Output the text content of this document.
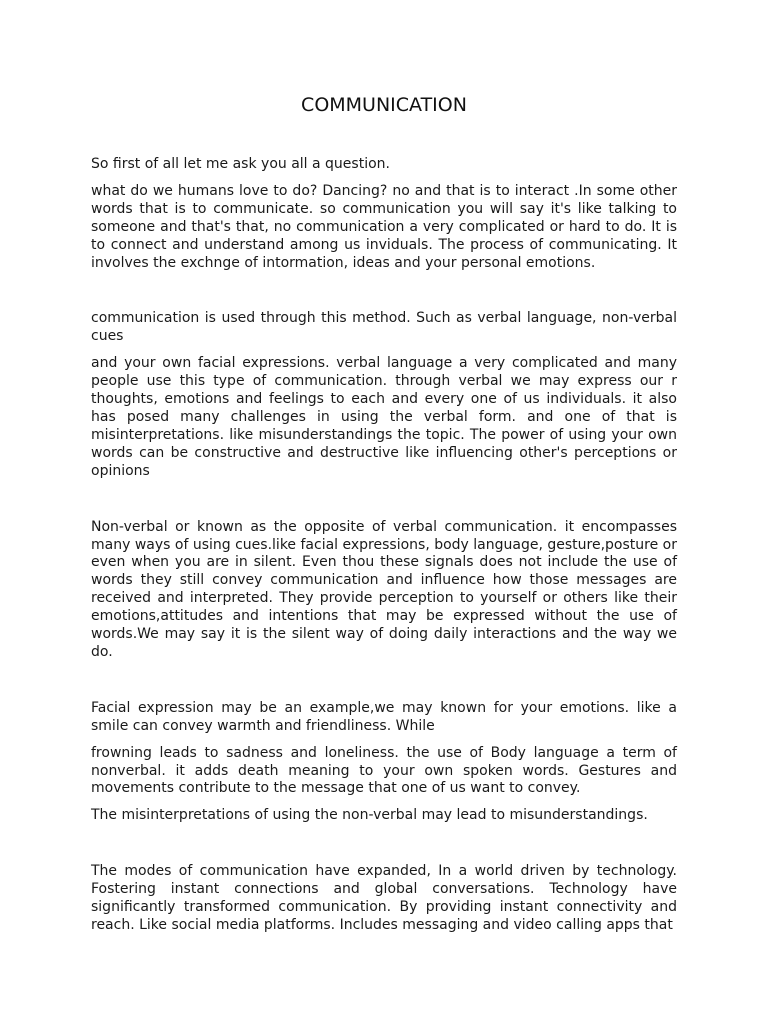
COMMUNICATION

So first of all let me ask you all a question.

what do we humans love to do? Dancing? no and that is to interact .In some other words that is to communicate. so communication you will say it's like talking to someone and that's that, no communication a very complicated or hard to do. It is to connect and understand among us inviduals. The process of communicating. It involves the exchnge of intormation, ideas and your personal emotions.

communication is used through this method. Such as verbal language, non-verbal cues

and your own facial expressions. verbal language a very complicated and many people use this type of communication. through verbal we may express our r thoughts, emotions and feelings to each and every one of us individuals. it also has posed many challenges in using the verbal form. and one of that is misinterpretations. like misunderstandings the topic. The power of using your own words can be constructive and destructive like influencing other's perceptions or opinions

Non-verbal or known as the opposite of verbal communication. it encompasses many ways of using cues.like facial expressions, body language, gesture,posture or even when you are in silent. Even thou these signals does not include the use of words they still convey communication and influence how those messages are received and interpreted. They provide perception to yourself or others like their emotions,attitudes and intentions that may be expressed without the use of words.We may say it is the silent way of doing daily interactions and the way we do.

Facial expression may be an example,we may known for your emotions. like a smile can convey warmth and friendliness. While

frowning leads to sadness and loneliness. the use of Body language a term of nonverbal. it adds death meaning to your own spoken words. Gestures and movements contribute to the message that one of us want to convey.

The misinterpretations of using the non-verbal may lead to misunderstandings.

The modes of communication have expanded, In a world driven by technology. Fostering instant connections and global conversations. Technology have significantly transformed communication. By providing instant connectivity and reach. Like social media platforms. Includes messaging and video calling apps that
